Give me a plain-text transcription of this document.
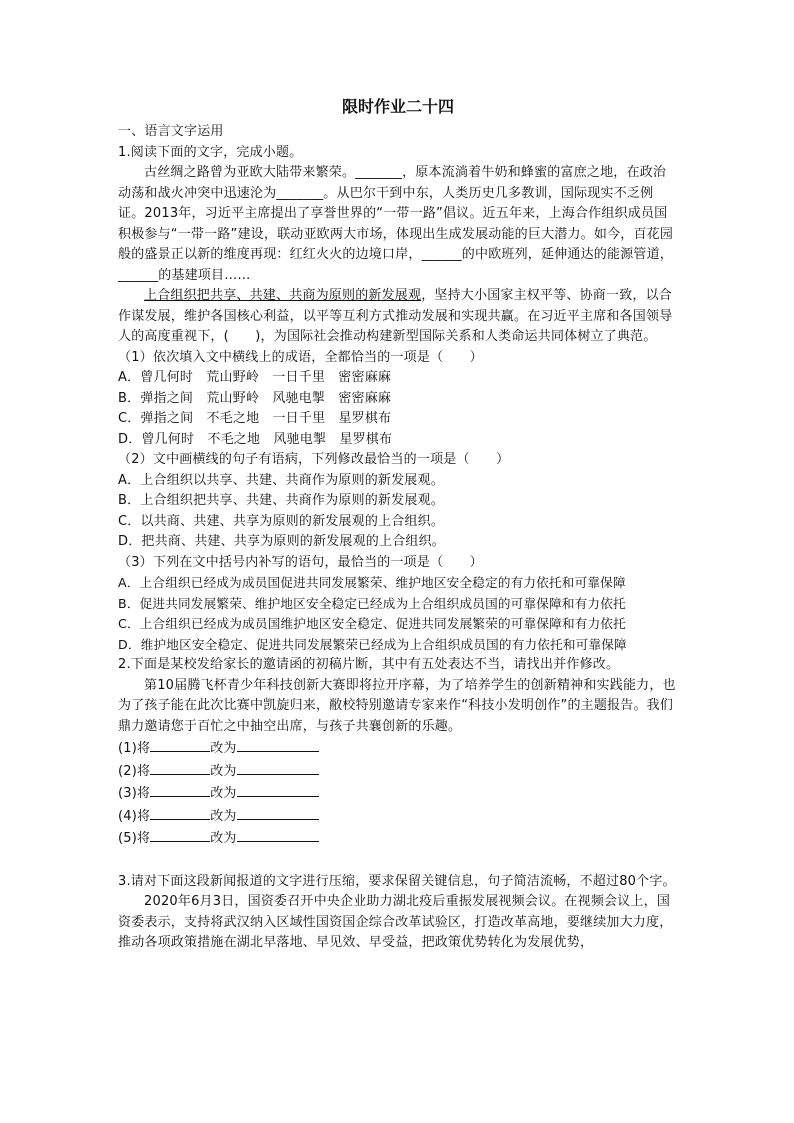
限时作业二十四

一、语言文字运用

1.阅读下面的文字，完成小题。

古丝绸之路曾为亚欧大陆带来繁荣。_______，原本流淌着牛奶和蜂蜜的富庶之地，在政治动荡和战火冲突中迅速沦为_______。从巴尔干到中东，人类历史几多教训，国际现实不乏例证。2013年，习近平主席提出了享誉世界的“一带一路”倡议。近五年来，上海合作组织成员国积极参与“一带一路”建设，联动亚欧两大市场，体现出生成发展动能的巨大潜力。如今，百花园般的盛景正以新的维度再现：红红火火的边境口岸，______的中欧班列，延伸通达的能源管道，______的基建项目……

上合组织把共享、共建、共商为原则的新发展观，坚持大小国家主权平等、协商一致，以合作谋发展，维护各国核心利益，以平等互利方式推动发展和实现共赢。在习近平主席和各国领导人的高度重视下，(　　)，为国际社会推动构建新型国际关系和人类命运共同体树立了典范。

（1）依次填入文中横线上的成语，全都恰当的一项是（　　）

A．曾几何时　荒山野岭　一日千里　密密麻麻

B．弹指之间　荒山野岭　风驰电掣　密密麻麻

C．弹指之间　不毛之地　一日千里　星罗棋布

D．曾几何时　不毛之地　风驰电掣　星罗棋布

（2）文中画横线的句子有语病，下列修改最恰当的一项是（　　）

A．上合组织以共享、共建、共商作为原则的新发展观。

B．上合组织把共享、共建、共商作为原则的新发展观。

C．以共商、共建、共享为原则的新发展观的上合组织。

D．把共商、共建、共享为原则的新发展观的上合组织。

（3）下列在文中括号内补写的语句，最恰当的一项是（　　）

A．上合组织已经成为成员国促进共同发展繁荣、维护地区安全稳定的有力依托和可靠保障

B．促进共同发展繁荣、维护地区安全稳定已经成为上合组织成员国的可靠保障和有力依托

C．上合组织已经成为成员国维护地区安全稳定、促进共同发展繁荣的可靠保障和有力依托

D．维护地区安全稳定、促进共同发展繁荣已经成为上合组织成员国的有力依托和可靠保障

2.下面是某校发给家长的邀请函的初稿片断，其中有五处表达不当，请找出并作修改。

第10届腾飞杯青少年科技创新大赛即将拉开序幕，为了培养学生的创新精神和实践能力，也为了孩子能在此次比赛中凯旋归来，敝校特别邀请专家来作“科技小发明创作”的主题报告。我们鼎力邀请您于百忙之中抽空出席，与孩子共襄创新的乐趣。

(1)将	改为

(2)将	改为

(3)将	改为

(4)将	改为

(5)将	改为

3.请对下面这段新闻报道的文字进行压缩，要求保留关键信息，句子简洁流畅，不超过80个字。

2020年6月3日，国资委召开中央企业助力湖北疫后重振发展视频会议。在视频会议上，国资委表示，支持将武汉纳入区域性国资国企综合改革试验区，打造改革高地，要继续加大力度，推动各项政策措施在湖北早落地、早见效、早受益，把政策优势转化为发展优势，
